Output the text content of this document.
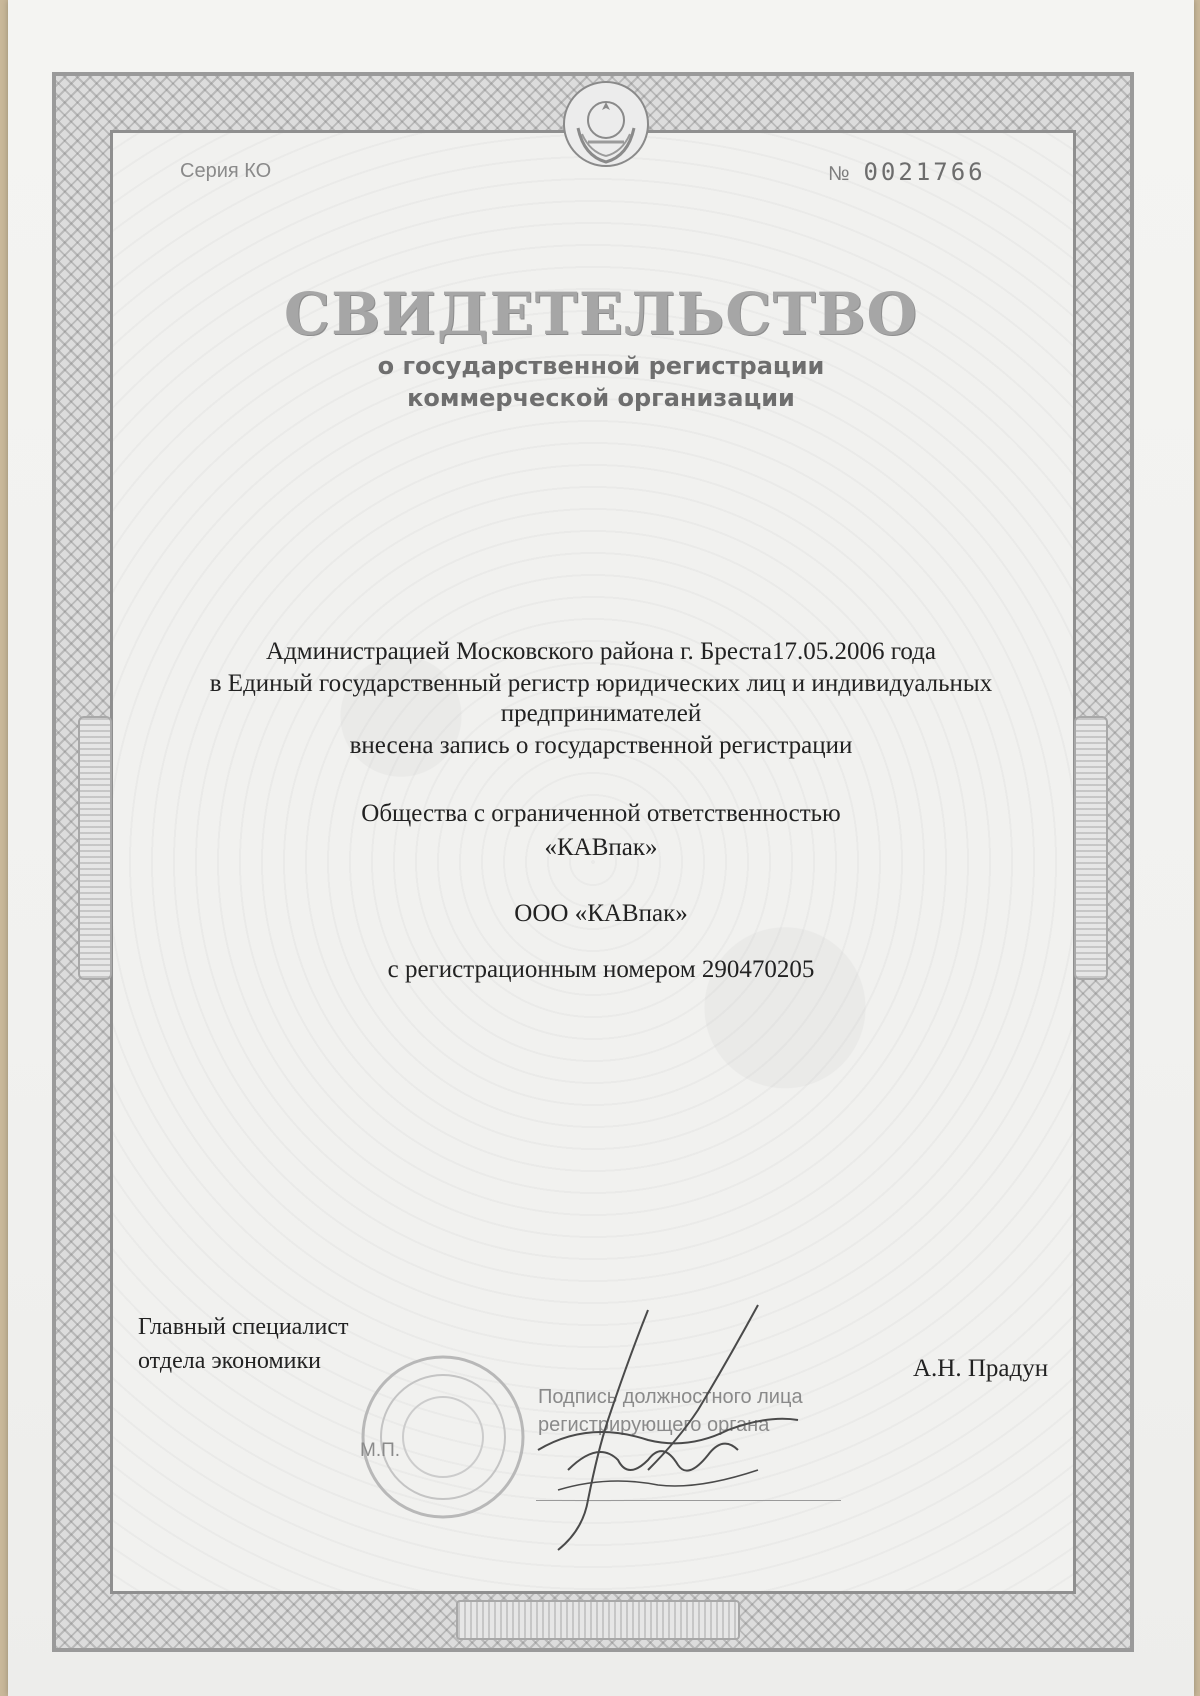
Серия КО	№ 0021766
СВИДЕТЕЛЬСТВО
о государственной регистрации
коммерческой организации
Администрацией Московского района г. Бреста17.05.2006 года
в Единый государственный регистр юридических лиц и индивидуальных
предпринимателей
внесена запись о государственной регистрации
Общества с ограниченной ответственностью
«КАВпак»
ООО «КАВпак»
с регистрационным номером 290470205
Главный специалист
отдела экономики	А.Н. Прадун
М.П.
Подпись должностного лица
регистрирующего органа
